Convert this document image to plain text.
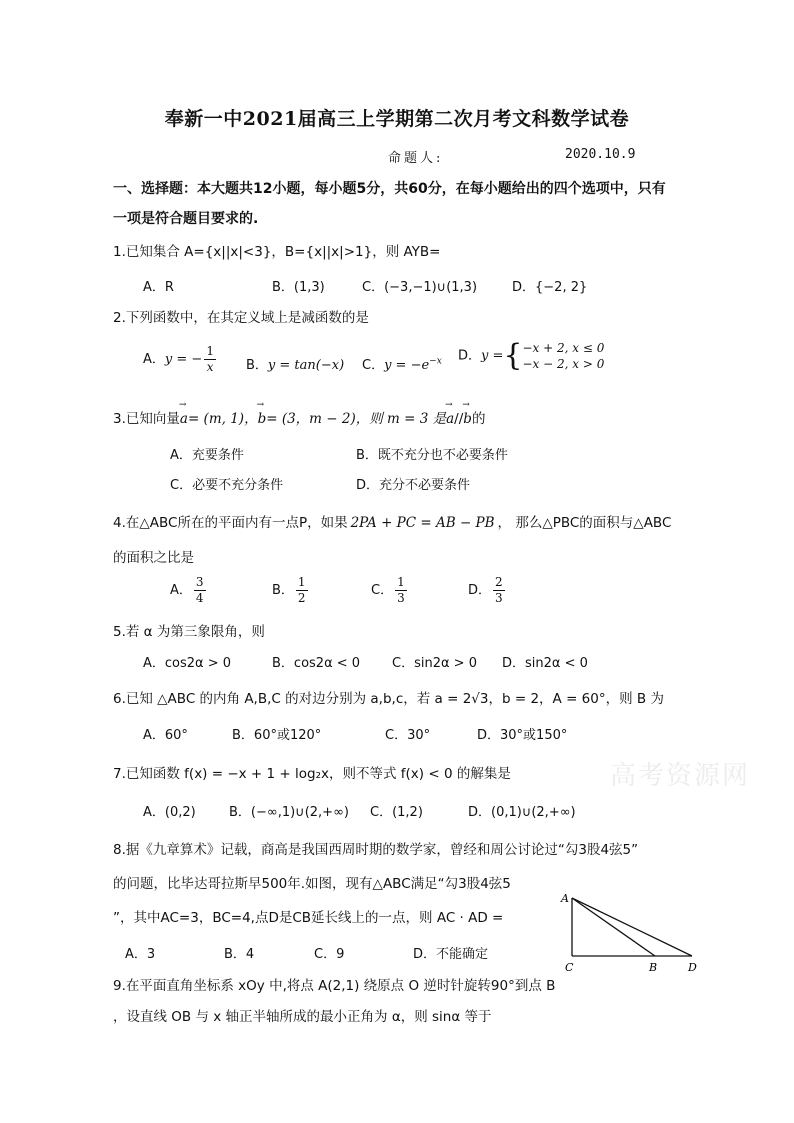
奉新一中2021届高三上学期第二次月考文科数学试卷
命题人:	2020.10.9
一、选择题：本大题共12小题，每小题5分，共60分，在每小题给出的四个选项中，只有
一项是符合题目要求的.
1.已知集合 A={x||x|<3}，B={x||x|>1}，则 AYB=
A．R	B．(1,3)	C．(−3,−1)∪(1,3)	D．{−2, 2}
2.下列函数中，在其定义域上是减函数的是
A．y = − $\frac{1}{x}$ B．y = tan(−x) C．$y = -e^{-x}$ D．y ={ −x + 2, x ≤ 0
−x − 2, x > 0
3.已知向量→ a= (m, 1)，→ b= (3，m − 2)，则 m = 3 是→ a//→ b的
A．充要条件	B．既不充分也不必要条件
C．必要不充分条件	D．充分不必要条件
4.在△ABC所在的平面内有一点P，如果 2PA + PC = AB − PB ， 那么△PBC的面积与△ABC
的面积之比是
A． $\frac{3}{4}$	B． $\frac{1}{2}$	C． $\frac{1}{3}$	D． $\frac{2}{3}$
5.若 α 为第三象限角，则
A．cos2α > 0	B．cos2α < 0 C．sin2α > 0 D．sin2α < 0
6.已知 △ABC 的内角 A,B,C 的对边分别为 a,b,c，若 a = 2√3，b = 2，A = 60°，则 B 为
A．60°	B．60°或120°	C．30°	D．30°或150°
7.已知函数 f(x) = −x + 1 + log₂x，则不等式 f(x) < 0 的解集是
A．(0,2)	B．(−∞,1)∪(2,+∞) C．(1,2)	D．(0,1)∪(2,+∞)
高考资源网
8.据《九章算术》记载，商高是我国西周时期的数学家，曾经和周公讨论过“勾3股4弦5”
的问题，比毕达哥拉斯早500年.如图，现有△ABC满足“勾3股4弦5
”，其中AC=3，BC=4,点D是CB延长线上的一点，则 AC · AD =
A．3	B．4	C．9	D．不能确定
A
C	B	D
9.在平面直角坐标系 xOy 中,将点 A(2,1) 绕原点 O 逆时针旋转90°到点 B
，设直线 OB 与 x 轴正半轴所成的最小正角为 α，则 sinα 等于
